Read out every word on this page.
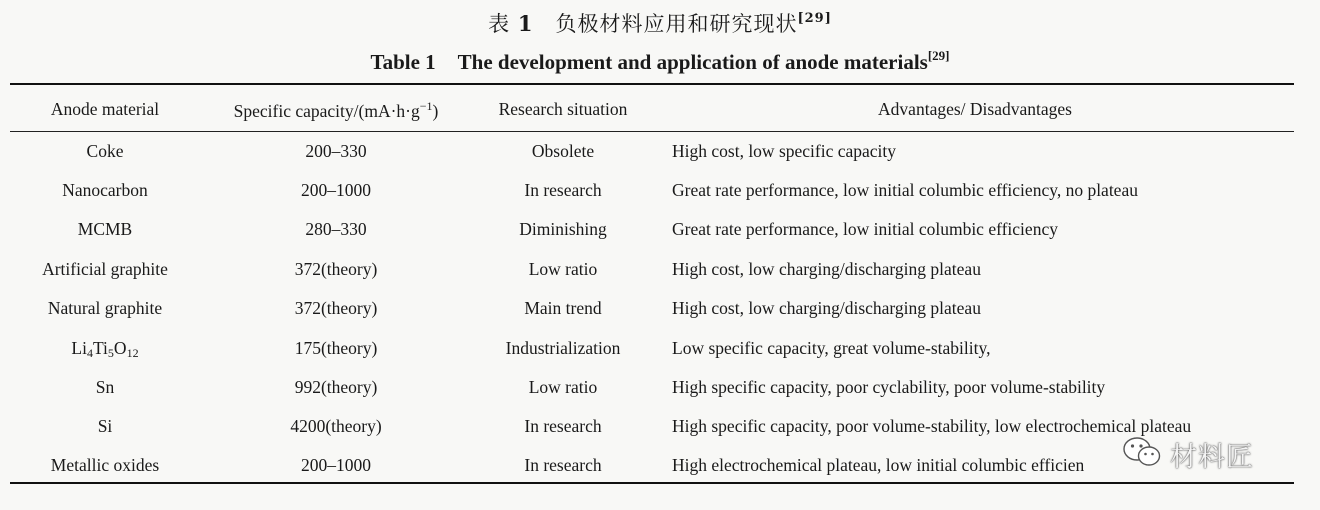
表 1 负极材料应用和研究现状[29]
Table 1 The development and application of anode materials[29]
Anode material	Specific capacity/$(mA\cdot h\cdot g^{-1})$	Research situation	Advantages/ Disadvantages
Coke	200–330	Obsolete	High cost, low specific capacity
Nanocarbon	200–1000	In research	Great rate performance, low initial columbic efficiency, no plateau
MCMB	280–330	Diminishing	Great rate performance, low initial columbic efficiency
Artificial graphite	372(theory)	Low ratio	High cost, low charging/discharging plateau
Natural graphite	372(theory)	Main trend	High cost, low charging/discharging plateau
$Li_4Ti_5O_{12}$	175(theory)	Industrialization	Low specific capacity, great volume-stability,
Sn	992(theory)	Low ratio	High specific capacity, poor cyclability, poor volume-stability
Si	4200(theory)	In research	High specific capacity, poor volume-stability, low electrochemical plateau
Metallic oxides	200–1000	In research	High electrochemical plateau, low initial columbic efficien	材料匠
